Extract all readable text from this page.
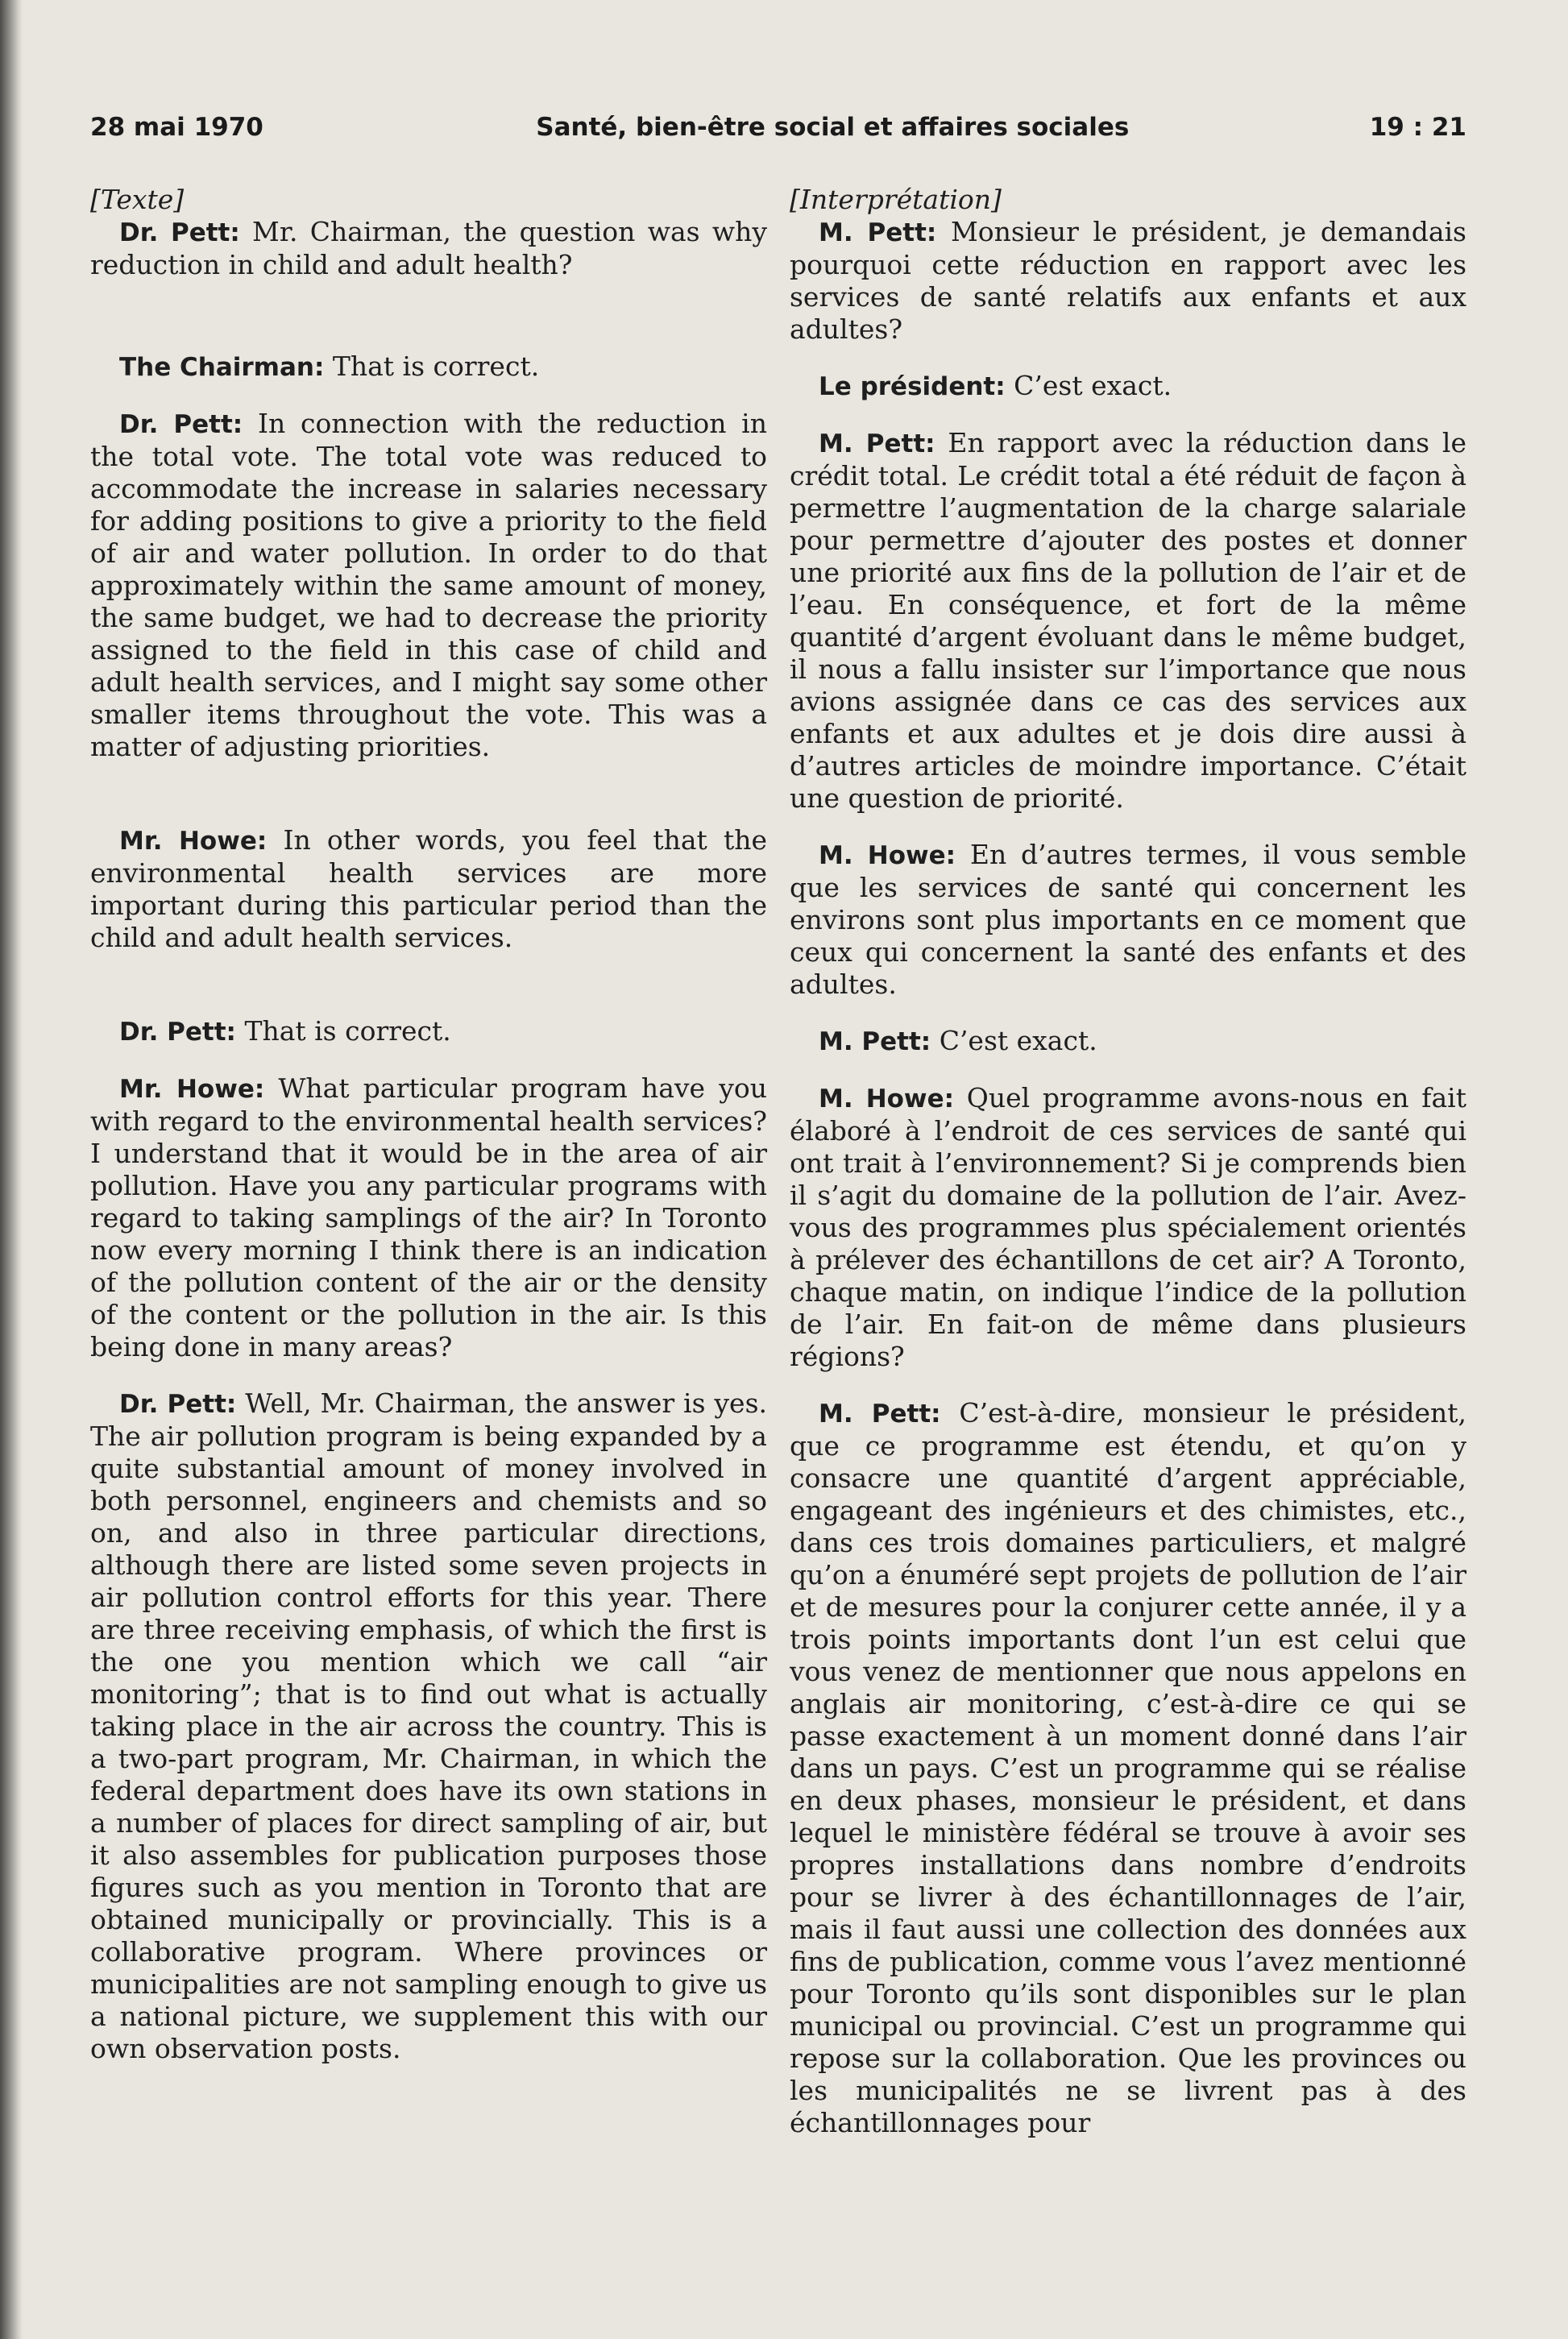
28 mai 1970	Santé, bien-être social et affaires sociales	19 : 21

[Texte]

Dr. Pett: Mr. Chairman, the question was why reduction in child and adult health?

The Chairman: That is correct.

Dr. Pett: In connection with the reduction in the total vote. The total vote was reduced to accommodate the increase in salaries necessary for adding positions to give a priority to the field of air and water pollution. In order to do that approximately within the same amount of money, the same budget, we had to decrease the priority assigned to the field in this case of child and adult health services, and I might say some other smaller items throughout the vote. This was a matter of adjusting priorities.

Mr. Howe: In other words, you feel that the environmental health services are more important during this particular period than the child and adult health services.

Dr. Pett: That is correct.

Mr. Howe: What particular program have you with regard to the environmental health services? I understand that it would be in the area of air pollution. Have you any particular programs with regard to taking samplings of the air? In Toronto now every morning I think there is an indication of the pollution content of the air or the density of the content or the pollution in the air. Is this being done in many areas?

Dr. Pett: Well, Mr. Chairman, the answer is yes. The air pollution program is being expanded by a quite substantial amount of money involved in both personnel, engineers and chemists and so on, and also in three particular directions, although there are listed some seven projects in air pollution control efforts for this year. There are three receiving emphasis, of which the first is the one you mention which we call “air monitoring”; that is to find out what is actually taking place in the air across the country. This is a two-part program, Mr. Chairman, in which the federal department does have its own stations in a number of places for direct sampling of air, but it also assembles for publication purposes those figures such as you mention in Toronto that are obtained municipally or provincially. This is a collaborative program. Where provinces or municipalities are not sampling enough to give us a national picture, we supplement this with our own observation posts.

[Interprétation]

M. Pett: Monsieur le président, je demandais pourquoi cette réduction en rapport avec les services de santé relatifs aux enfants et aux adultes?

Le président: C’est exact.

M. Pett: En rapport avec la réduction dans le crédit total. Le crédit total a été réduit de façon à permettre l’augmentation de la charge salariale pour permettre d’ajouter des postes et donner une priorité aux fins de la pollution de l’air et de l’eau. En conséquence, et fort de la même quantité d’argent évoluant dans le même budget, il nous a fallu insister sur l’importance que nous avions assignée dans ce cas des services aux enfants et aux adultes et je dois dire aussi à d’autres articles de moindre importance. C’était une question de priorité.

M. Howe: En d’autres termes, il vous semble que les services de santé qui concernent les environs sont plus importants en ce moment que ceux qui concernent la santé des enfants et des adultes.

M. Pett: C’est exact.

M. Howe: Quel programme avons-nous en fait élaboré à l’endroit de ces services de santé qui ont trait à l’environnement? Si je comprends bien il s’agit du domaine de la pollution de l’air. Avez-vous des programmes plus spécialement orientés à prélever des échantillons de cet air? A Toronto, chaque matin, on indique l’indice de la pollution de l’air. En fait-on de même dans plusieurs régions?

M. Pett: C’est-à-dire, monsieur le président, que ce programme est étendu, et qu’on y consacre une quantité d’argent appréciable, engageant des ingénieurs et des chimistes, etc., dans ces trois domaines particuliers, et malgré qu’on a énuméré sept projets de pollution de l’air et de mesures pour la conjurer cette année, il y a trois points importants dont l’un est celui que vous venez de mentionner que nous appelons en anglais air monitoring, c’est-à-dire ce qui se passe exactement à un moment donné dans l’air dans un pays. C’est un programme qui se réalise en deux phases, monsieur le président, et dans lequel le ministère fédéral se trouve à avoir ses propres installations dans nombre d’endroits pour se livrer à des échantillonnages de l’air, mais il faut aussi une collection des données aux fins de publication, comme vous l’avez mentionné pour Toronto qu’ils sont disponibles sur le plan municipal ou provincial. C’est un programme qui repose sur la collaboration. Que les provinces ou les municipalités ne se livrent pas à des échantillonnages pour
